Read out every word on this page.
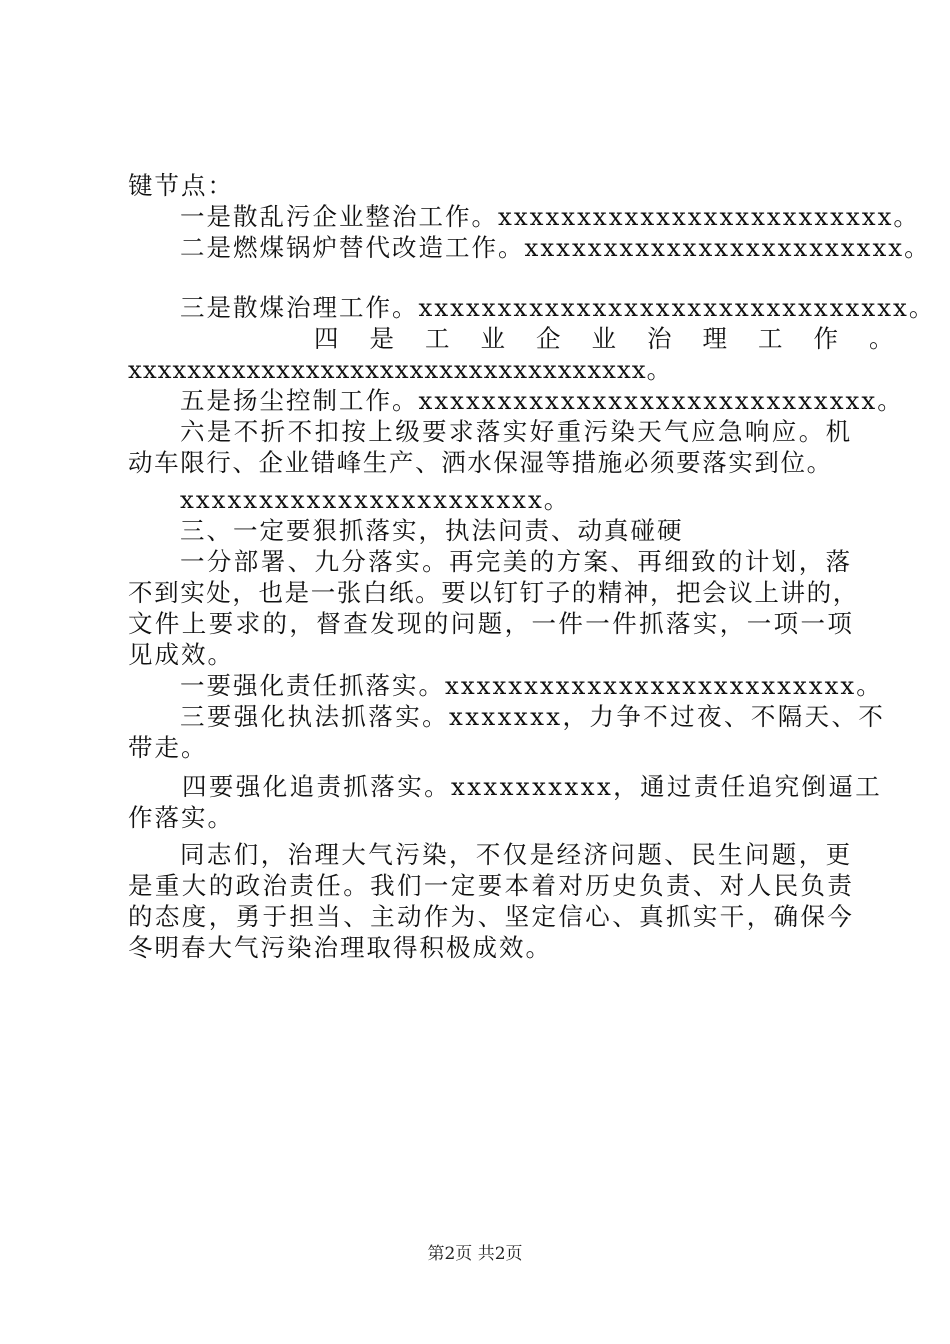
键节点：
一是散乱污企业整治工作。xxxxxxxxxxxxxxxxxxxxxxxxx。
二是燃煤锅炉替代改造工作。xxxxxxxxxxxxxxxxxxxxxxxx。
三是散煤治理工作。xxxxxxxxxxxxxxxxxxxxxxxxxxxxxxx。
四是工业企业治理工作。
xxxxxxxxxxxxxxxxxxxxxxxxxxxxxxxxxxx。
五是扬尘控制工作。xxxxxxxxxxxxxxxxxxxxxxxxxxxxx。
六是不折不扣按上级要求落实好重污染天气应急响应。机
动车限行、企业错峰生产、洒水保湿等措施必须要落实到位。
xxxxxxxxxxxxxxxxxxxxxxx。
三、一定要狠抓落实，执法问责、动真碰硬
一分部署、九分落实。再完美的方案、再细致的计划，落
不到实处，也是一张白纸。要以钉钉子的精神，把会议上讲的，
文件上要求的，督查发现的问题，一件一件抓落实，一项一项
见成效。
一要强化责任抓落实。xxxxxxxxxxxxxxxxxxxxxxxxxx。
三要强化执法抓落实。xxxxxxx，力争不过夜、不隔天、不
带走。
四要强化追责抓落实。xxxxxxxxxx，通过责任追究倒逼工
作落实。
同志们，治理大气污染，不仅是经济问题、民生问题，更
是重大的政治责任。我们一定要本着对历史负责、对人民负责
的态度，勇于担当、主动作为、坚定信心、真抓实干，确保今
冬明春大气污染治理取得积极成效。
第2页 共2页
